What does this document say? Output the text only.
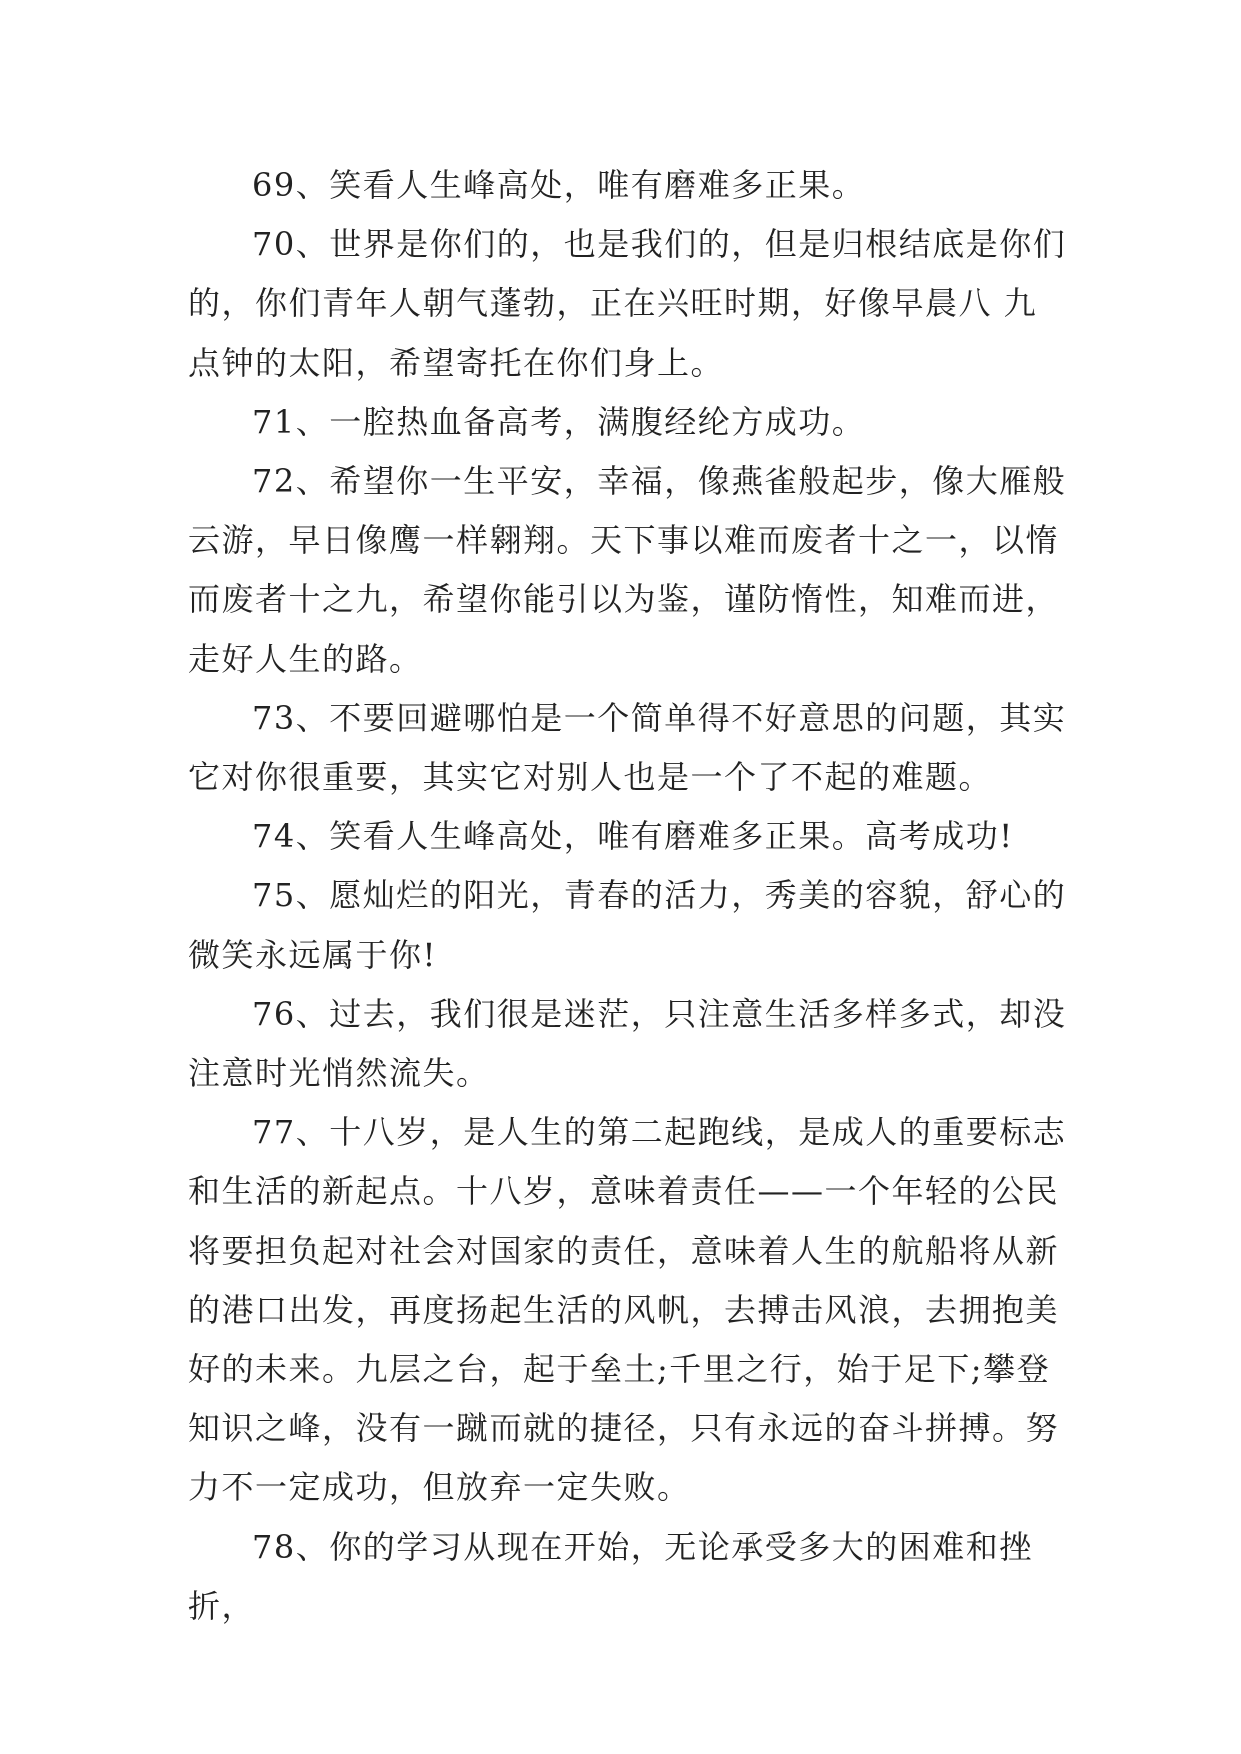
69、笑看人生峰高处，唯有磨难多正果。

70、世界是你们的，也是我们的，但是归根结底是你们的，你们青年人朝气蓬勃，正在兴旺时期，好像早晨八 九点钟的太阳，希望寄托在你们身上。

71、一腔热血备高考，满腹经纶方成功。

72、希望你一生平安，幸福，像燕雀般起步，像大雁般云游，早日像鹰一样翱翔。天下事以难而废者十之一，以惰而废者十之九，希望你能引以为鉴，谨防惰性，知难而进，走好人生的路。

73、不要回避哪怕是一个简单得不好意思的问题，其实它对你很重要，其实它对别人也是一个了不起的难题。

74、笑看人生峰高处，唯有磨难多正果。高考成功!

75、愿灿烂的阳光，青春的活力，秀美的容貌，舒心的微笑永远属于你!

76、过去，我们很是迷茫，只注意生活多样多式，却没注意时光悄然流失。

77、十八岁，是人生的第二起跑线，是成人的重要标志和生活的新起点。十八岁，意味着责任——一个年轻的公民将要担负起对社会对国家的责任，意味着人生的航船将从新的港口出发，再度扬起生活的风帆，去搏击风浪，去拥抱美好的未来。九层之台，起于垒土;千里之行，始于足下;攀登知识之峰，没有一蹴而就的捷径，只有永远的奋斗拼搏。努力不一定成功，但放弃一定失败。

78、你的学习从现在开始，无论承受多大的困难和挫折，
